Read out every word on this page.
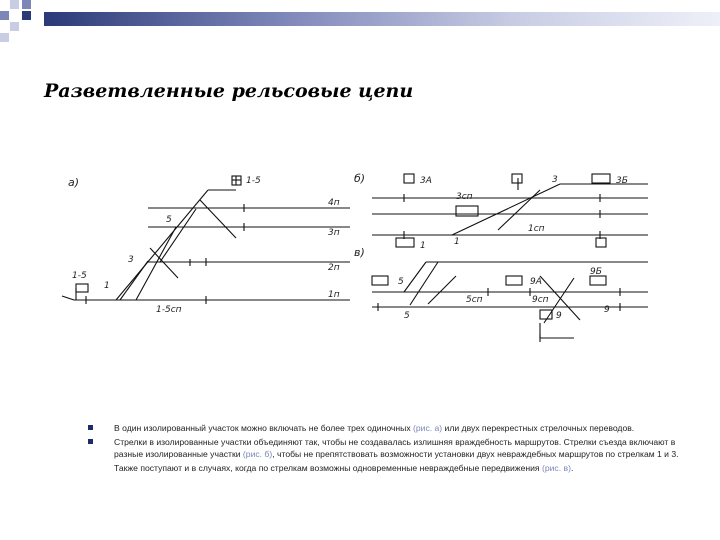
Разветвленные рельсовые цепи
а)	б)
в)
4п
3п
2п
1п
1
3
5
1-5
1-5
1-5сп
3А	3Б
1
3
1
3сп
1сп
5	9А
9Б
9
5
9
5сп	9сп
В один изолированный участок можно включать не более трех одиночных (рис. а) или двух перекрестных стрелочных переводов.
Стрелки в изолированные участки объединяют так, чтобы не создавалась излишняя враждебность маршрутов. Стрелки съезда включают в разные изолированные участки (рис. б), чтобы не препятствовать возможности установки двух невраждебных маршрутов по стрелкам 1 и 3.
Также поступают и в случаях, когда по стрелкам возможны одновременные невраждебные передвижения (рис. в).
